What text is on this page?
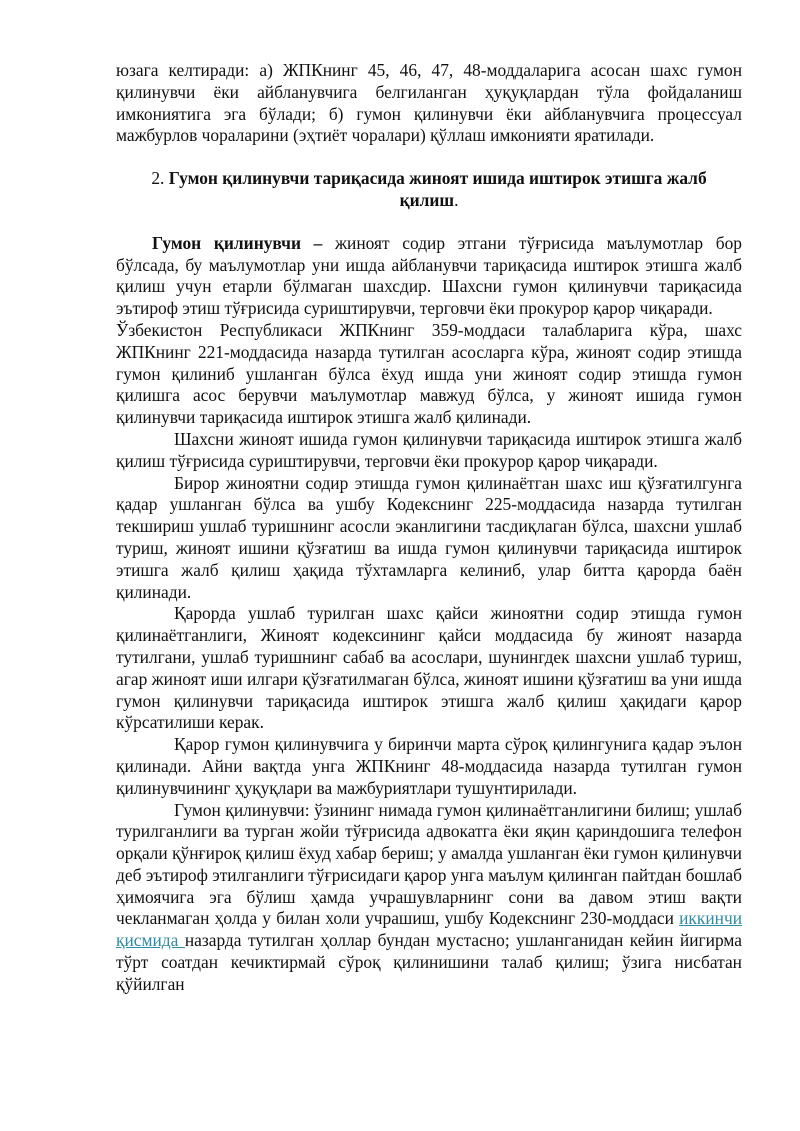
юзага келтиради: а) ЖПКнинг 45, 46, 47, 48-моддаларига асосан шахс гумон қилинувчи ёки айбланувчига белгиланган ҳуқуқлардан тўла фойдаланиш имкониятига эга бўлади; б) гумон қилинувчи ёки айбланувчига процессуал мажбурлов чораларини (эҳтиёт чоралари) қўллаш имконияти яратилади.

2. Гумон қилинувчи тариқасида жиноят ишида иштирок этишга жалб қилиш.

Гумон қилинувчи – жиноят содир этгани тўғрисида маълумотлар бор бўлсада, бу маълумотлар уни ишда айбланувчи тариқасида иштирок этишга жалб қилиш учун етарли бўлмаган шахсдир. Шахсни гумон қилинувчи тариқасида эътироф этиш тўғрисида суриштирувчи, терговчи ёки прокурор қарор чиқаради.

Ўзбекистон Республикаси ЖПКнинг 359-моддаси талабларига кўра, шахс ЖПКнинг 221-моддасида назарда тутилган асосларга кўра, жиноят содир этишда гумон қилиниб ушланган бўлса ёхуд ишда уни жиноят содир этишда гумон қилишга асос берувчи маълумотлар мавжуд бўлса, у жиноят ишида гумон қилинувчи тариқасида иштирок этишга жалб қилинади.

Шахсни жиноят ишида гумон қилинувчи тариқасида иштирок этишга жалб қилиш тўғрисида суриштирувчи, терговчи ёки прокурор қарор чиқаради.

Бирор жиноятни содир этишда гумон қилинаётган шахс иш қўзғатилгунга қадар ушланган бўлса ва ушбу Кодекснинг 225-моддасида назарда тутилган текшириш ушлаб туришнинг асосли эканлигини тасдиқлаган бўлса, шахсни ушлаб туриш, жиноят ишини қўзғатиш ва ишда гумон қилинувчи тариқасида иштирок этишга жалб қилиш ҳақида тўхтамларга келиниб, улар битта қарорда баён қилинади.

Қарорда ушлаб турилган шахс қайси жиноятни содир этишда гумон қилинаётганлиги, Жиноят кодексининг қайси моддасида бу жиноят назарда тутилгани, ушлаб туришнинг сабаб ва асослари, шунингдек шахсни ушлаб туриш, агар жиноят иши илгари қўзғатилмаган бўлса, жиноят ишини қўзғатиш ва уни ишда гумон қилинувчи тариқасида иштирок этишга жалб қилиш ҳақидаги қарор кўрсатилиши керак.

Қарор гумон қилинувчига у биринчи марта сўроқ қилингунига қадар эълон қилинади. Айни вақтда унга ЖПКнинг 48-моддасида назарда тутилган гумон қилинувчининг ҳуқуқлари ва мажбуриятлари тушунтирилади.

Гумон қилинувчи: ўзининг нимада гумон қилинаётганлигини билиш; ушлаб турилганлиги ва турган жойи тўғрисида адвокатга ёки яқин қариндошига телефон орқали қўнғироқ қилиш ёхуд хабар бериш; у амалда ушланган ёки гумон қилинувчи деб эътироф этилганлиги тўғрисидаги қарор унга маълум қилинган пайтдан бошлаб ҳимоячига эга бўлиш ҳамда учрашувларнинг сони ва давом этиш вақти чекланмаган ҳолда у билан холи учрашиш, ушбу Кодекснинг 230-моддаси иккинчи қисмида назарда тутилган ҳоллар бундан мустасно; ушланганидан кейин йигирма тўрт соатдан кечиктирмай сўроқ қилинишини талаб қилиш; ўзига нисбатан қўйилган
